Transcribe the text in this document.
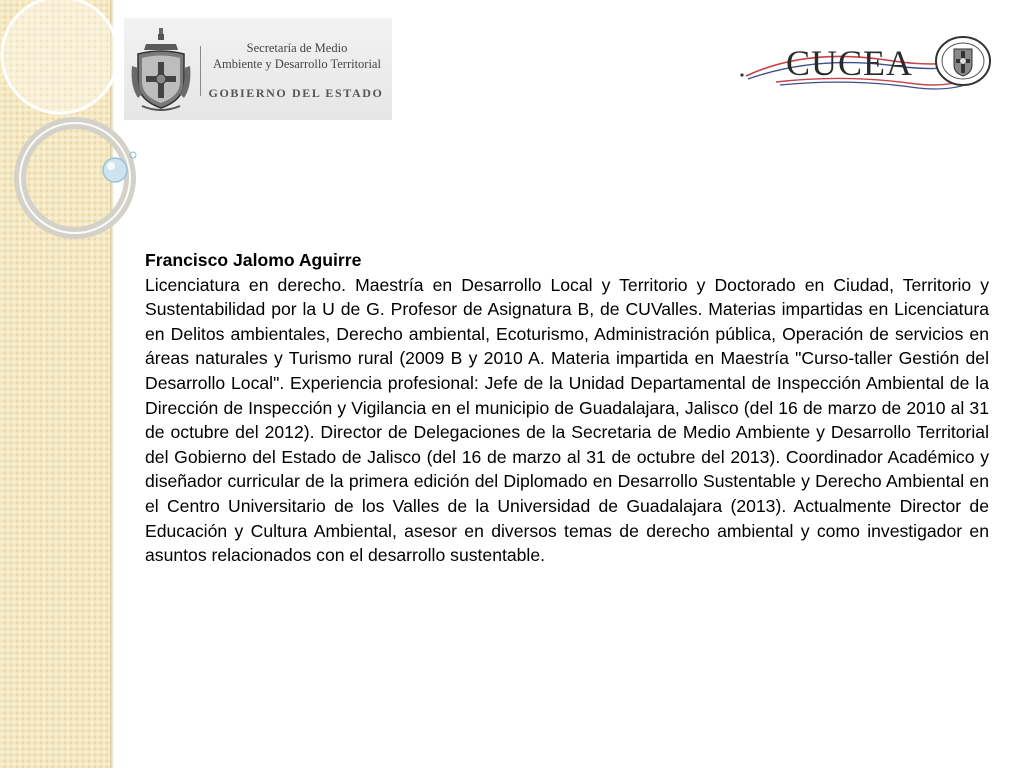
Secretaría de Medio
Ambiente y Desarrollo Territorial
GOBIERNO DEL ESTADO
CUCEA

Francisco Jalomo Aguirre

Licenciatura en derecho. Maestría en Desarrollo Local y Territorio y Doctorado en Ciudad, Territorio y Sustentabilidad por la U de G. Profesor de Asignatura B, de CUValles. Materias impartidas en Licenciatura en Delitos ambientales, Derecho ambiental, Ecoturismo, Administración pública, Operación de servicios en áreas naturales y Turismo rural (2009 B y 2010 A. Materia impartida en Maestría "Curso-taller Gestión del Desarrollo Local". Experiencia profesional: Jefe de la Unidad Departamental de Inspección Ambiental de la Dirección de Inspección y Vigilancia en el municipio de Guadalajara, Jalisco (del 16 de marzo de 2010 al 31 de octubre del 2012). Director de Delegaciones de la Secretaria de Medio Ambiente y Desarrollo Territorial del Gobierno del Estado de Jalisco (del 16 de marzo al 31 de octubre del 2013). Coordinador Académico y diseñador curricular de la primera edición del Diplomado en Desarrollo Sustentable y Derecho Ambiental en el Centro Universitario de los Valles de la Universidad de Guadalajara (2013). Actualmente Director de Educación y Cultura Ambiental, asesor en diversos temas de derecho ambiental y como investigador en asuntos relacionados con el desarrollo sustentable.
